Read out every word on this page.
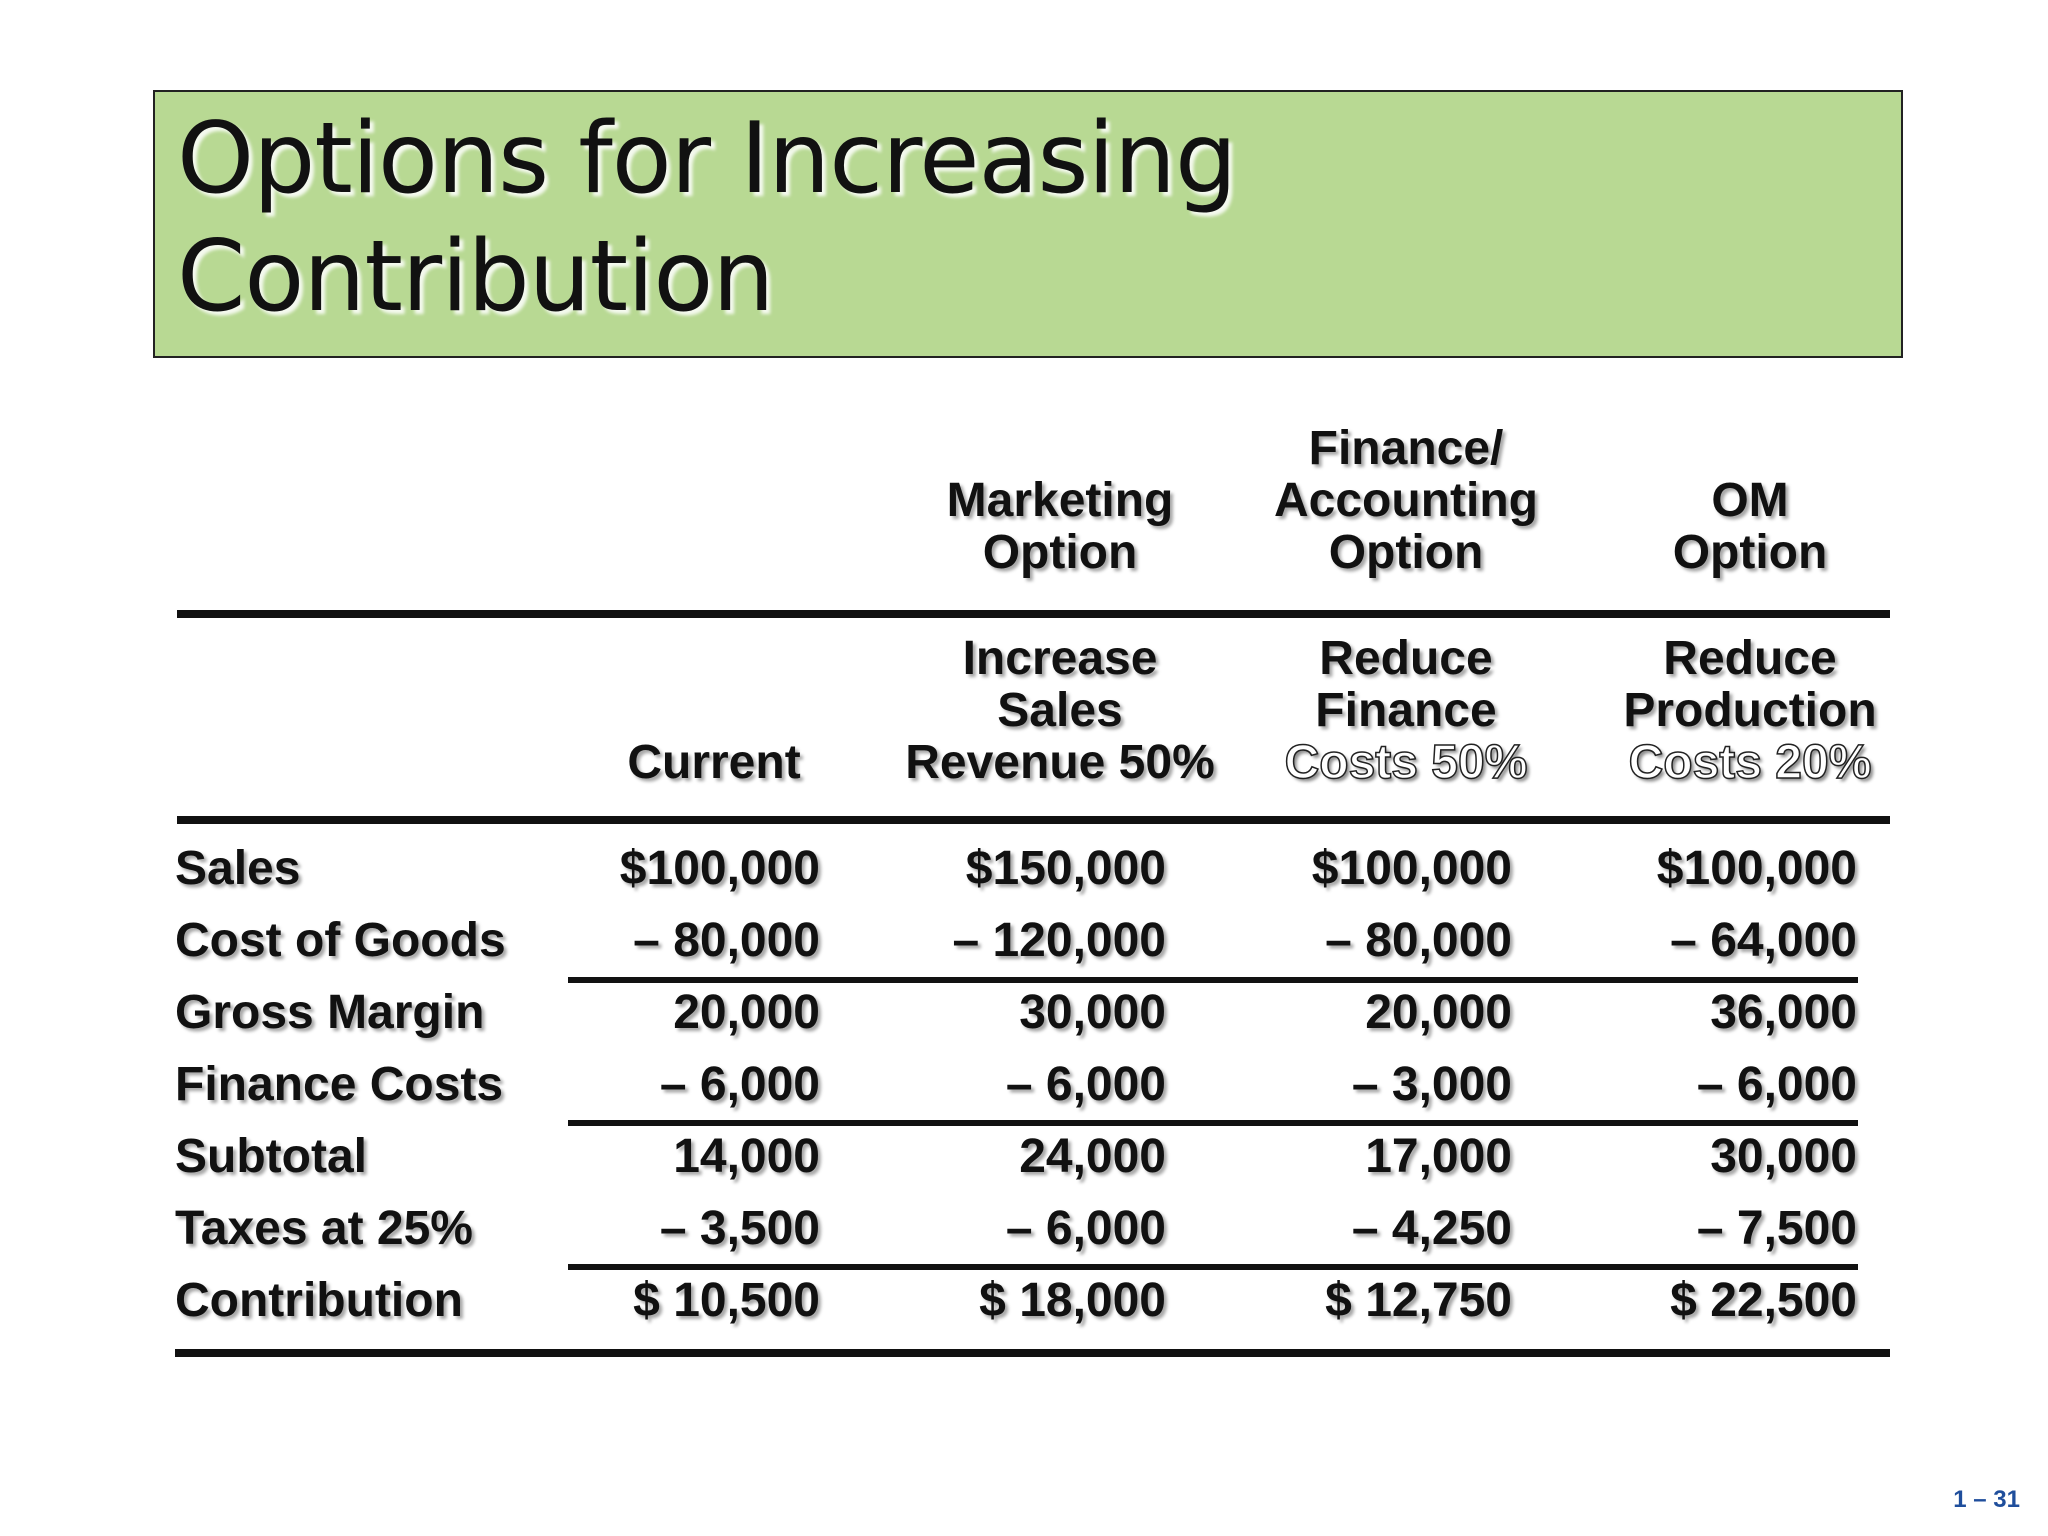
Options for Increasing
Contribution

Marketing
Option
Finance/
Accounting
Option

OM
Option

Current
Increase
Sales
Revenue 50%
Reduce
Finance
Costs 50%
Reduce
Production
Costs 20%
Sales
Cost of Goods
Gross Margin
Finance Costs
Subtotal
Taxes at 25%
Contribution
$100,000
– 80,000
20,000
– 6,000
14,000
– 3,500
$ 10,500
$150,000
– 120,000
30,000
– 6,000
24,000
– 6,000
$ 18,000
$100,000
– 80,000
20,000
– 3,000
17,000
– 4,250
$ 12,750
$100,000
– 64,000
36,000
– 6,000
30,000
– 7,500
$ 22,500
1 – 31
